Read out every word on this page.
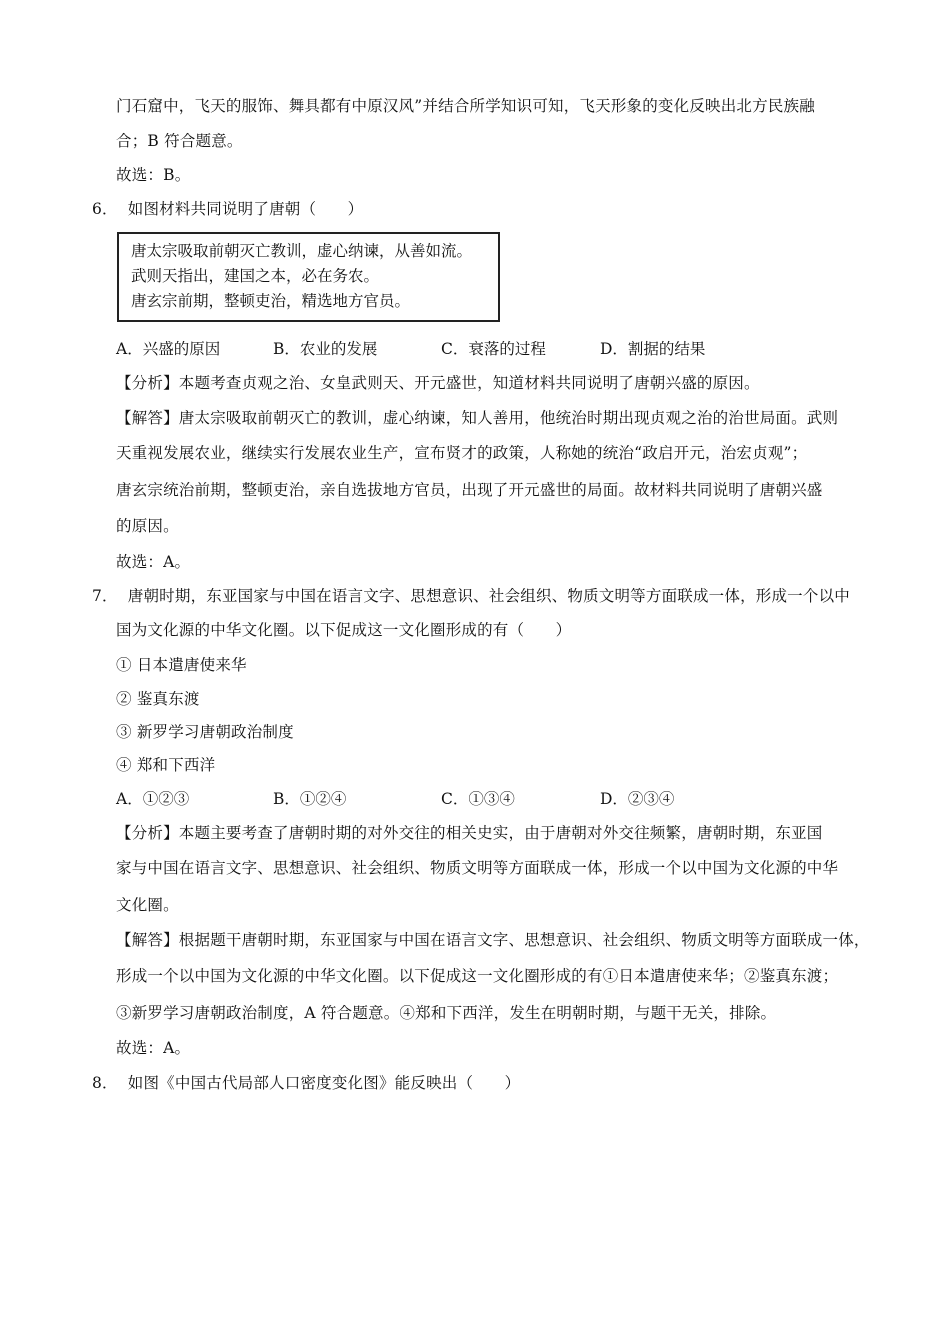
门石窟中，飞天的服饰、舞具都有中原汉风”并结合所学知识可知，飞天形象的变化反映出北方民族融
合；B 符合题意。
故选：B。
6． 如图材料共同说明了唐朝（　　）
唐太宗吸取前朝灭亡教训，虚心纳谏，从善如流。
武则天指出，建国之本，必在务农。
唐玄宗前期，整顿吏治，精选地方官员。
A．兴盛的原因	B．农业的发展	C．衰落的过程	D．割据的结果
【分析】本题考查贞观之治、女皇武则天、开元盛世，知道材料共同说明了唐朝兴盛的原因。
【解答】唐太宗吸取前朝灭亡的教训，虚心纳谏，知人善用，他统治时期出现贞观之治的治世局面。武则
天重视发展农业，继续实行发展农业生产，宣布贤才的政策，人称她的统治“政启开元，治宏贞观”；
唐玄宗统治前期，整顿吏治，亲自选拔地方官员，出现了开元盛世的局面。故材料共同说明了唐朝兴盛
的原因。
故选：A。
7． 唐朝时期，东亚国家与中国在语言文字、思想意识、社会组织、物质文明等方面联成一体，形成一个以中
国为文化源的中华文化圈。以下促成这一文化圈形成的有（　　）
① 日本遣唐使来华
② 鉴真东渡
③ 新罗学习唐朝政治制度
④ 郑和下西洋
A．①②③	B．①②④	C．①③④	D．②③④
【分析】本题主要考查了唐朝时期的对外交往的相关史实，由于唐朝对外交往频繁，唐朝时期，东亚国
家与中国在语言文字、思想意识、社会组织、物质文明等方面联成一体，形成一个以中国为文化源的中华
文化圈。
【解答】根据题干唐朝时期，东亚国家与中国在语言文字、思想意识、社会组织、物质文明等方面联成一体，
形成一个以中国为文化源的中华文化圈。以下促成这一文化圈形成的有①日本遣唐使来华；②鉴真东渡；
③新罗学习唐朝政治制度，A 符合题意。④郑和下西洋，发生在明朝时期，与题干无关，排除。
故选：A。
8． 如图《中国古代局部人口密度变化图》能反映出（　　）
